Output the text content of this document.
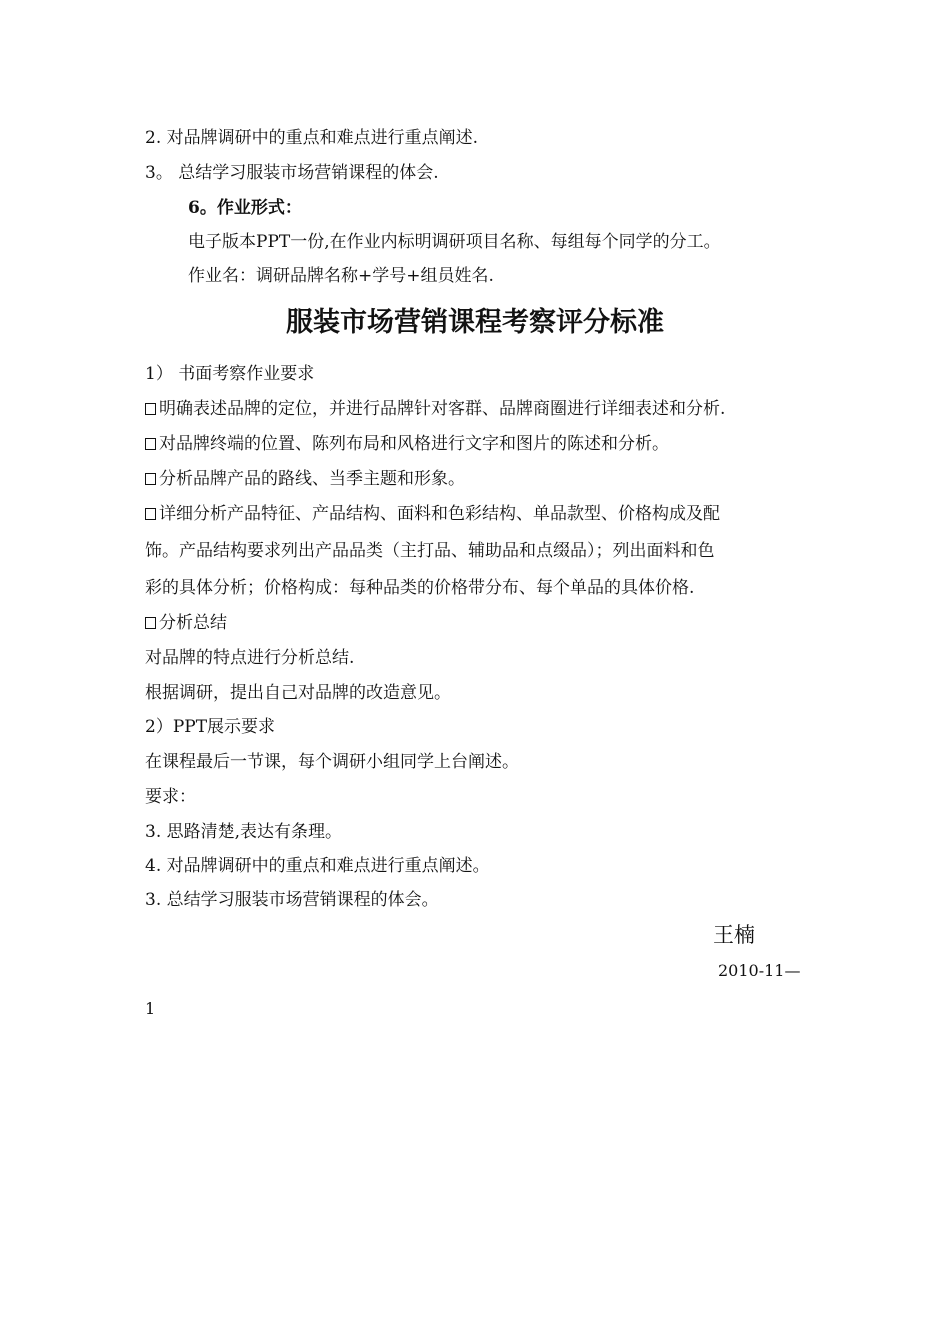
2. 对品牌调研中的重点和难点进行重点阐述.
3。 总结学习服装市场营销课程的体会.
6。作业形式：
电子版本PPT一份,在作业内标明调研项目名称、每组每个同学的分工。
作业名：调研品牌名称+学号+组员姓名.
服装市场营销课程考察评分标准
1） 书面考察作业要求
明确表述品牌的定位，并进行品牌针对客群、品牌商圈进行详细表述和分析.
对品牌终端的位置、陈列布局和风格进行文字和图片的陈述和分析。
分析品牌产品的路线、当季主题和形象。
详细分析产品特征、产品结构、面料和色彩结构、单品款型、价格构成及配
饰。产品结构要求列出产品品类（主打品、辅助品和点缀品）；列出面料和色
彩的具体分析；价格构成：每种品类的价格带分布、每个单品的具体价格.
分析总结
对品牌的特点进行分析总结.
根据调研，提出自己对品牌的改造意见。
2）PPT展示要求
在课程最后一节课，每个调研小组同学上台阐述。
要求：
3. 思路清楚,表达有条理。
4. 对品牌调研中的重点和难点进行重点阐述。
3. 总结学习服装市场营销课程的体会。
王楠
2010-11—
1
